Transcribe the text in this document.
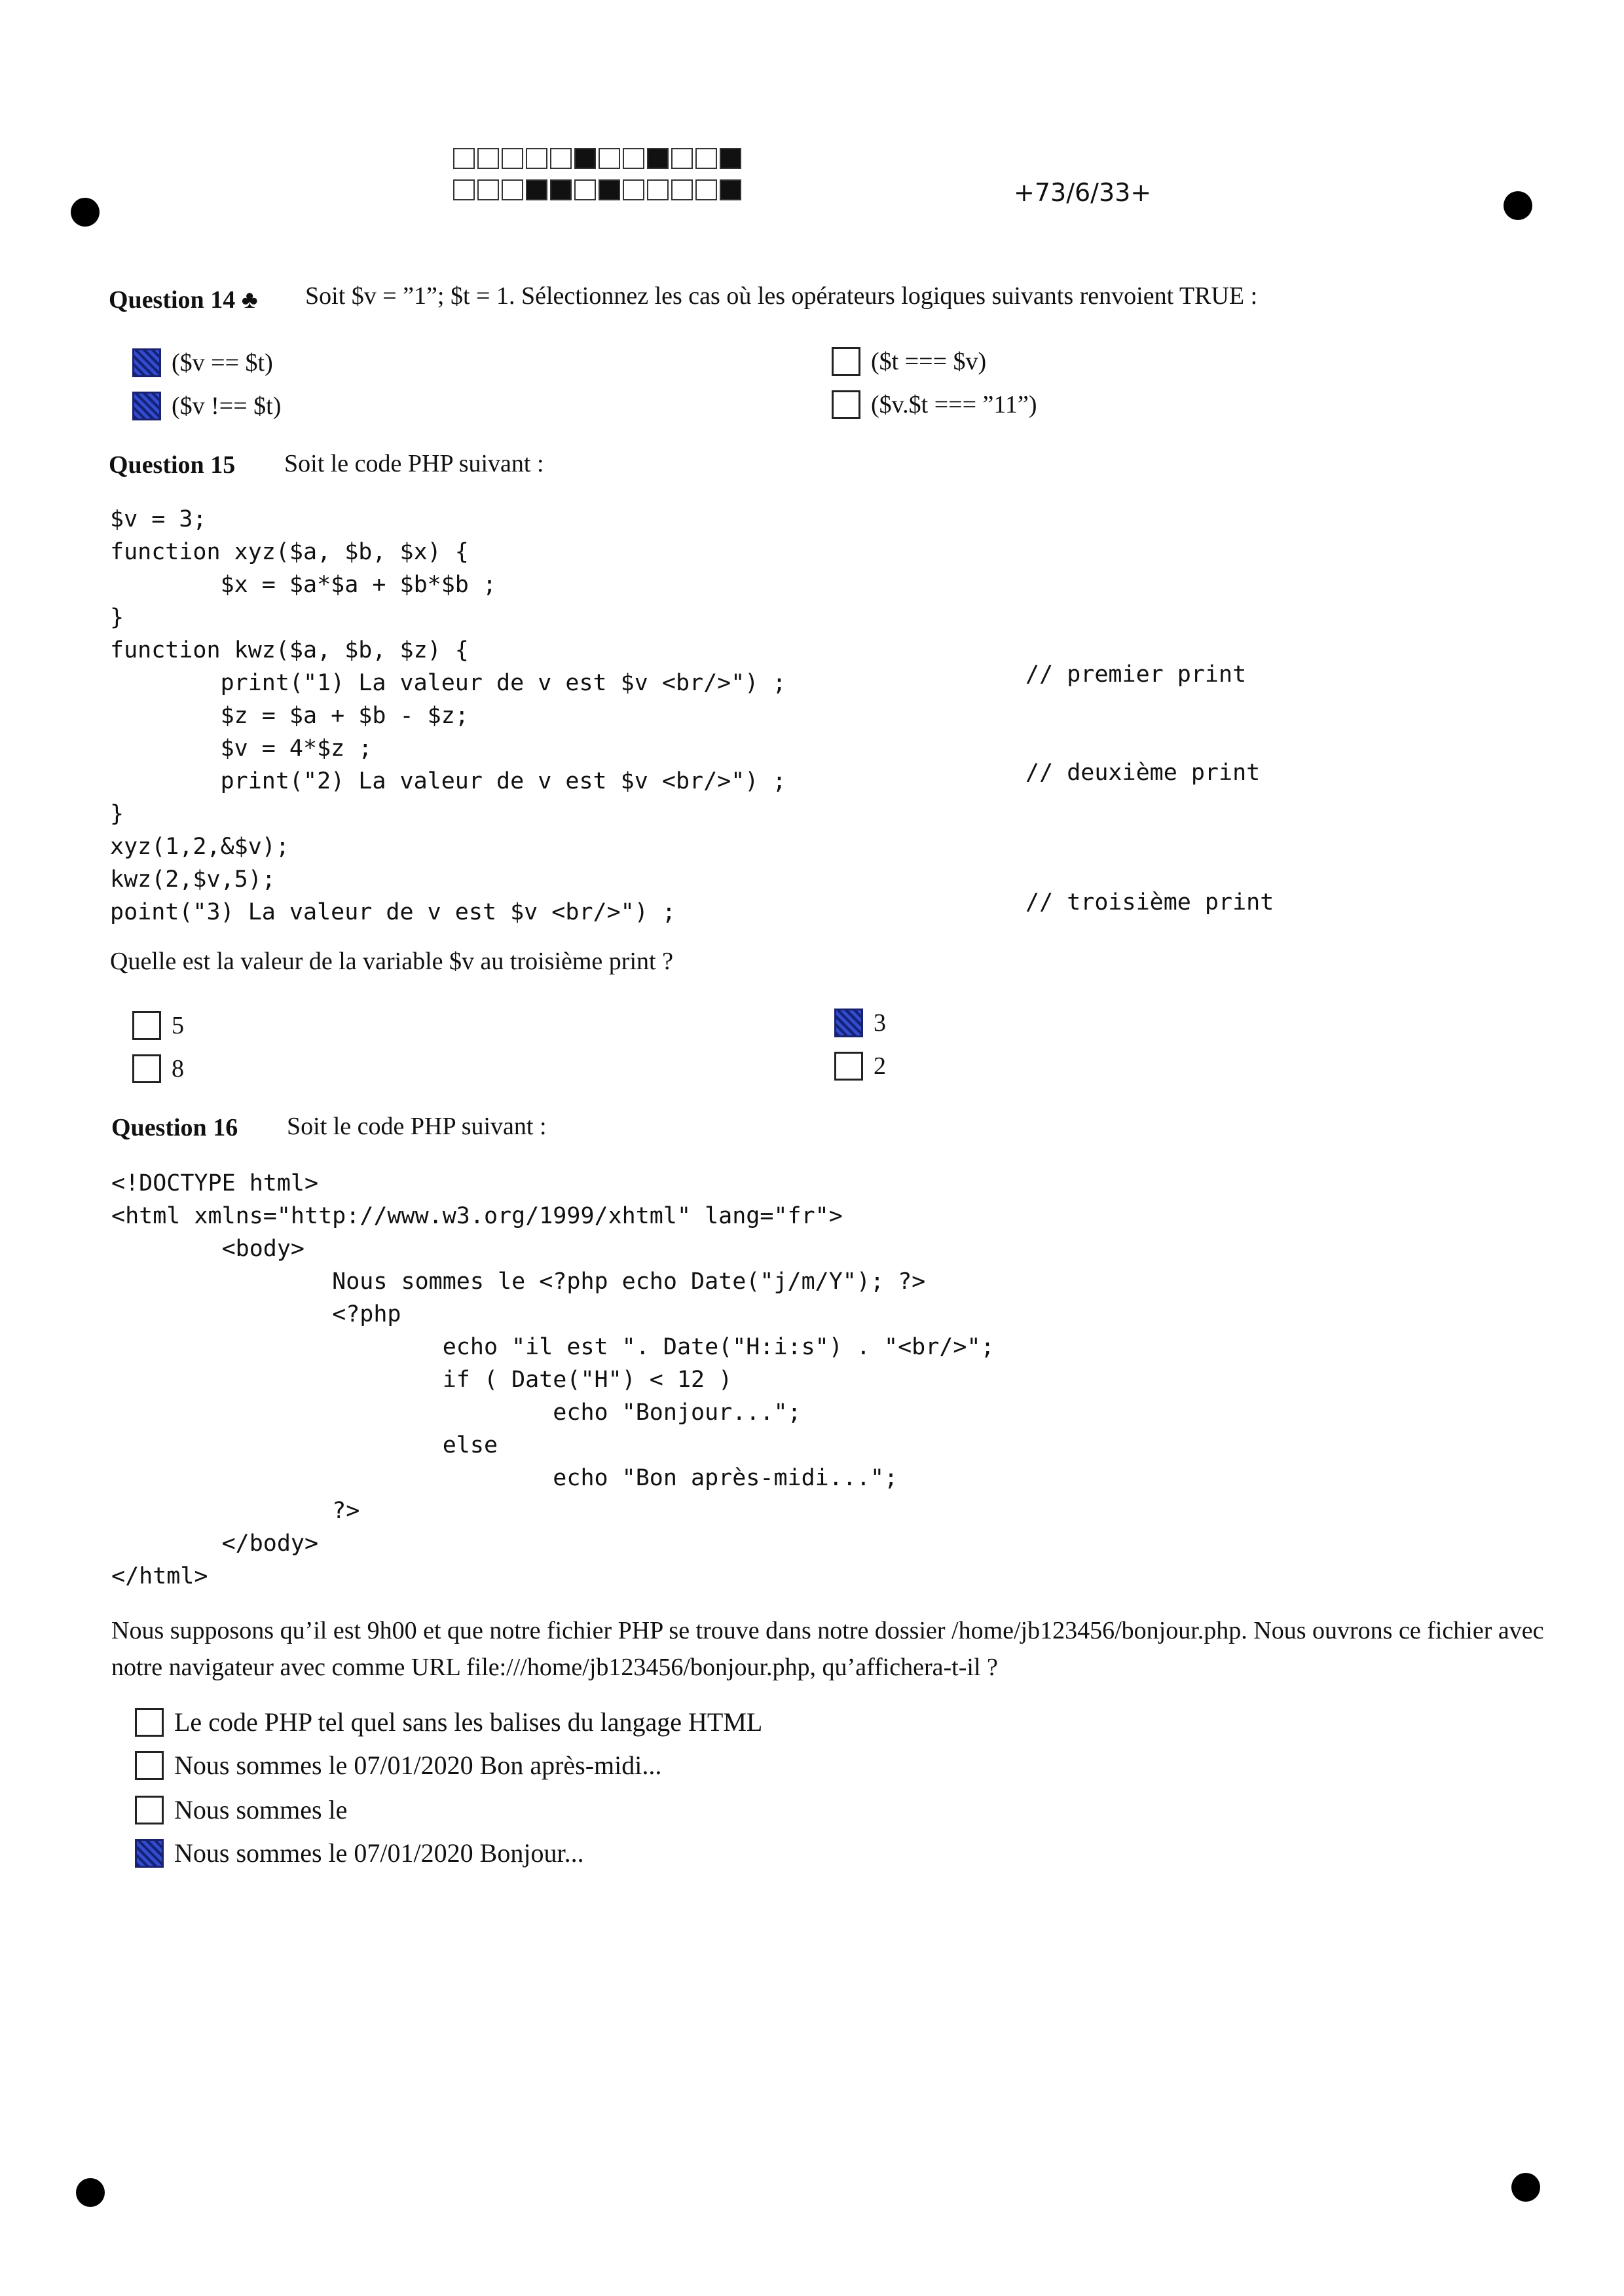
+73/6/33+
Question 14 ♣ Soit $v = ”1”; $t = 1. Sélectionnez les cas où les opérateurs logiques suivants renvoient TRUE :
($v == $t)
($v !== $t)
($t === $v)
($v.$t === ”11”)
Question 15 Soit le code PHP suivant :
$v = 3;
function xyz($a, $b, $x) {
$x = $a*$a + $b*$b ;
}
function kwz($a, $b, $z) {
print("1) La valeur de v est $v <br/>") ;
$z = $a + $b - $z;
$v = 4*$z ;
print("2) La valeur de v est $v <br/>") ;
}
xyz(1,2,&$v);
kwz(2,$v,5);
point("3) La valeur de v est $v <br/>") ;
// premier print
// deuxième print
// troisième print
Quelle est la valeur de la variable $v au troisième print ?
5
8
3
2
Question 16 Soit le code PHP suivant :
<!DOCTYPE html>
<html xmlns="http://www.w3.org/1999/xhtml" lang="fr">
<body>
Nous sommes le <?php echo Date("j/m/Y"); ?>
<?php
echo "il est ". Date("H:i:s") . "<br/>";
if ( Date("H") < 12 )
echo "Bonjour...";
else
echo "Bon après-midi...";
?>
</body>
</html>
Nous supposons qu’il est 9h00 et que notre fichier PHP se trouve dans notre dossier /home/jb123456/bonjour.php. Nous ouvrons ce fichier avec notre navigateur avec comme URL file:///home/jb123456/bonjour.php, qu’affichera-t-il ?
Le code PHP tel quel sans les balises du langage HTML
Nous sommes le 07/01/2020 Bon après-midi...
Nous sommes le
Nous sommes le 07/01/2020 Bonjour...
